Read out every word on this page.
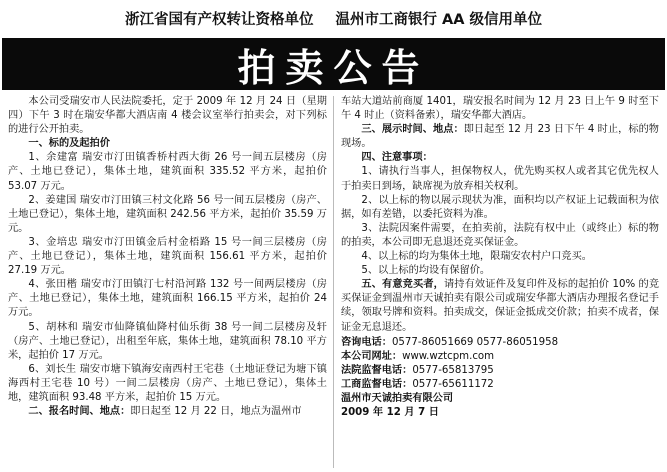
浙江省国有产权转让资格单位 温州市工商银行 AA 级信用单位
拍卖公告

本公司受瑞安市人民法院委托，定于 2009 年 12 月 24 日（星期四）下午 3 时在瑞安华都大酒店南 4 楼会议室举行拍卖会，对下列标的进行公开拍卖。

一、标的及起拍价

1、余建富 瑞安市汀田镇香桥村西大街 26 号一间五层楼房（房产、土地已登记），集体土地，建筑面积 335.52 平方米，起拍价 53.07 万元。

2、姜建国 瑞安市汀田镇三村文化路 56 号一间五层楼房（房产、土地已登记），集体土地，建筑面积 242.56 平方米，起拍价 35.59 万元。

3、金培忠 瑞安市汀田镇金后村金梧路 15 号一间三层楼房（房产、土地已登记），集体土地，建筑面积 156.61 平方米，起拍价 27.19 万元。

4、张田楷 瑞安市汀田镇汀七村沿河路 132 号一间两层楼房（房产、土地已登记），集体土地，建筑面积 166.15 平方米，起拍价 24 万元。

5、胡林和 瑞安市仙降镇仙降村仙乐街 38 号一间二层楼房及轩（房产、土地已登记），出租至年底，集体土地，建筑面积 78.10 平方米，起拍价 17 万元。

6、刘长生 瑞安市塘下镇海安南西村王宅巷（土地证登记为塘下镇海西村王宅巷 10 号）一间二层楼房（房产、土地已登记），集体土地，建筑面积 93.48 平方米，起拍价 15 万元。

二、报名时间、地点：即日起至 12 月 22 日，地点为温州市

车站大道站前商厦 1401，瑞安报名时间为 12 月 23 日上午 9 时至下午 4 时止（资料备索），瑞安华都大酒店。

三、展示时间、地点：即日起至 12 月 23 日下午 4 时止，标的物现场。

四、注意事项：

1、请执行当事人，担保物权人，优先购买权人或者其它优先权人于拍卖日到场，缺席视为放弃相关权利。

2、以上标的物以展示现状为准，面积均以产权证上记载面积为依据，如有差错，以委托资料为准。

3、法院因案件需要，在拍卖前，法院有权中止（或终止）标的物的拍卖，本公司即无息退还竞买保证金。

4、以上标的均为集体土地，限瑞安农村户口竞买。

5、以上标的均设有保留价。

五、有意竞买者，请持有效证件及复印件及标的起拍价 10% 的竞买保证金到温州市天诚拍卖有限公司或瑞安华都大酒店办理报名登记手续，领取号牌和资料。拍卖成交，保证金抵成交价款；拍卖不成者，保证金无息退还。

咨询电话：0577-86051669 0577-86051958

本公司网址：www.wztcpm.com

法院监督电话：0577-65813795

工商监督电话：0577-65611172

温州市天诚拍卖有限公司

2009 年 12 月 7 日
